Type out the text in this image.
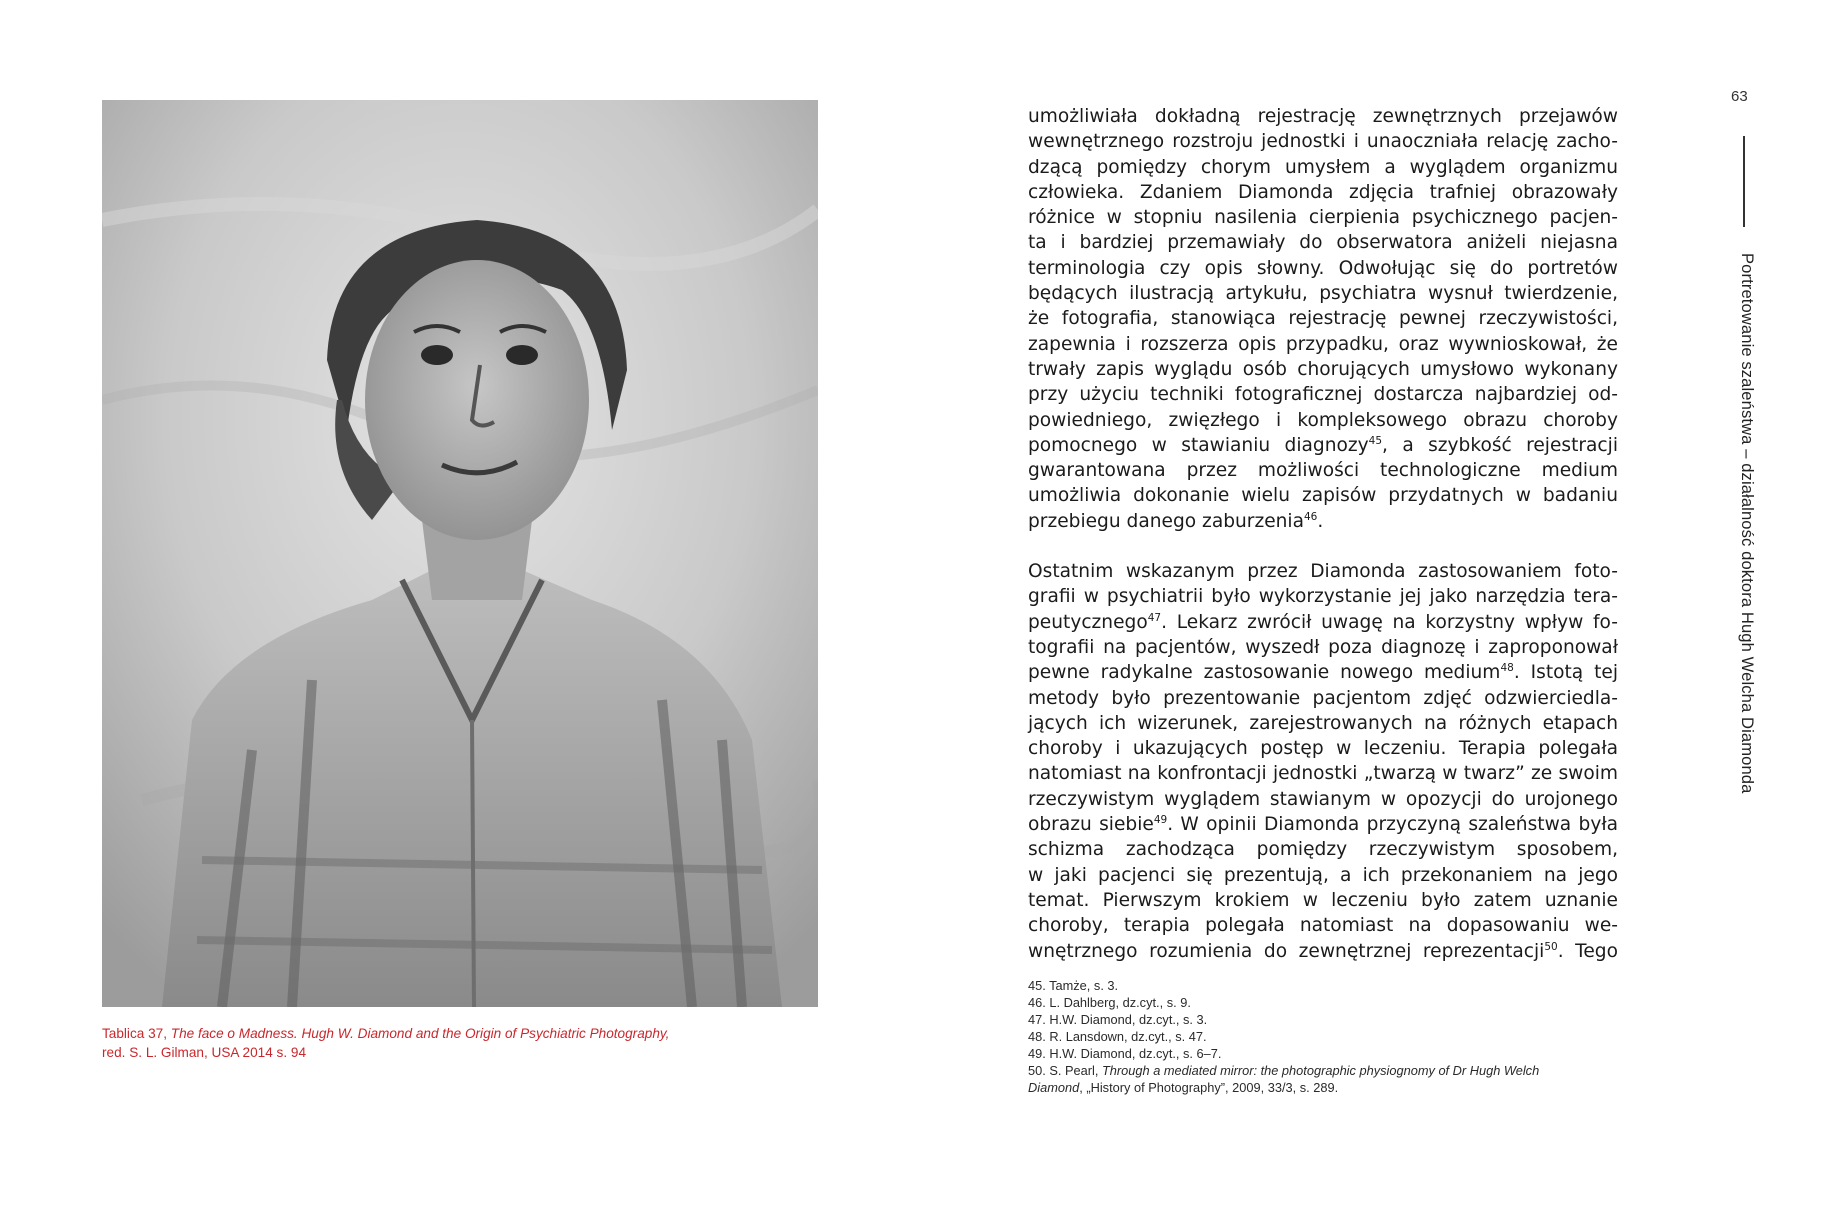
Tablica 37, The face o Madness. Hugh W. Diamond and the Origin of Psychiatric Photography,
red. S. L. Gilman, USA 2014 s. 94
umożliwiała dokładną rejestrację zewnętrznych przejawów
wewnętrznego rozstroju jednostki i unaoczniała relację zacho-
dzącą pomiędzy chorym umysłem a wyglądem organizmu
człowieka. Zdaniem Diamonda zdjęcia trafniej obrazowały
różnice w stopniu nasilenia cierpienia psychicznego pacjen-
ta i bardziej przemawiały do obserwatora aniżeli niejasna
terminologia czy opis słowny. Odwołując się do portretów
będących ilustracją artykułu, psychiatra wysnuł twierdzenie,
że fotografia, stanowiąca rejestrację pewnej rzeczywistości,
zapewnia i rozszerza opis przypadku, oraz wywnioskował, że
trwały zapis wyglądu osób chorujących umysłowo wykonany
przy użyciu techniki fotograficznej dostarcza najbardziej od-
powiedniego, zwięzłego i kompleksowego obrazu choroby
pomocnego w stawianiu diagnozy$^{45}$, a szybkość rejestracji
gwarantowana przez możliwości technologiczne medium
umożliwia dokonanie wielu zapisów przydatnych w badaniu
przebiegu danego zaburzenia$^{46}$.
Ostatnim wskazanym przez Diamonda zastosowaniem foto-
grafii w psychiatrii było wykorzystanie jej jako narzędzia tera-
peutycznego$^{47}$. Lekarz zwrócił uwagę na korzystny wpływ fo-
tografii na pacjentów, wyszedł poza diagnozę i zaproponował
pewne radykalne zastosowanie nowego medium$^{48}$. Istotą tej
metody było prezentowanie pacjentom zdjęć odzwierciedla-
jących ich wizerunek, zarejestrowanych na różnych etapach
choroby i ukazujących postęp w leczeniu. Terapia polegała
natomiast na konfrontacji jednostki „twarzą w twarz” ze swoim
rzeczywistym wyglądem stawianym w opozycji do urojonego
obrazu siebie$^{49}$. W opinii Diamonda przyczyną szaleństwa była
schizma zachodząca pomiędzy rzeczywistym sposobem,
w jaki pacjenci się prezentują, a ich przekonaniem na jego
temat. Pierwszym krokiem w leczeniu było zatem uznanie
choroby, terapia polegała natomiast na dopasowaniu we-
wnętrznego rozumienia do zewnętrznej reprezentacji$^{50}$. Tego
45. Tamże, s. 3.
46. L. Dahlberg, dz.cyt., s. 9.
47. H.W. Diamond, dz.cyt., s. 3.
48. R. Lansdown, dz.cyt., s. 47.
49. H.W. Diamond, dz.cyt., s. 6–7.
50. S. Pearl, Through a mediated mirror: the photographic physiognomy of Dr Hugh Welch
Diamond, „History of Photography”, 2009, 33/3, s. 289.
63
Portretowanie szaleństwa – działalność doktora Hugh Welcha Diamonda
